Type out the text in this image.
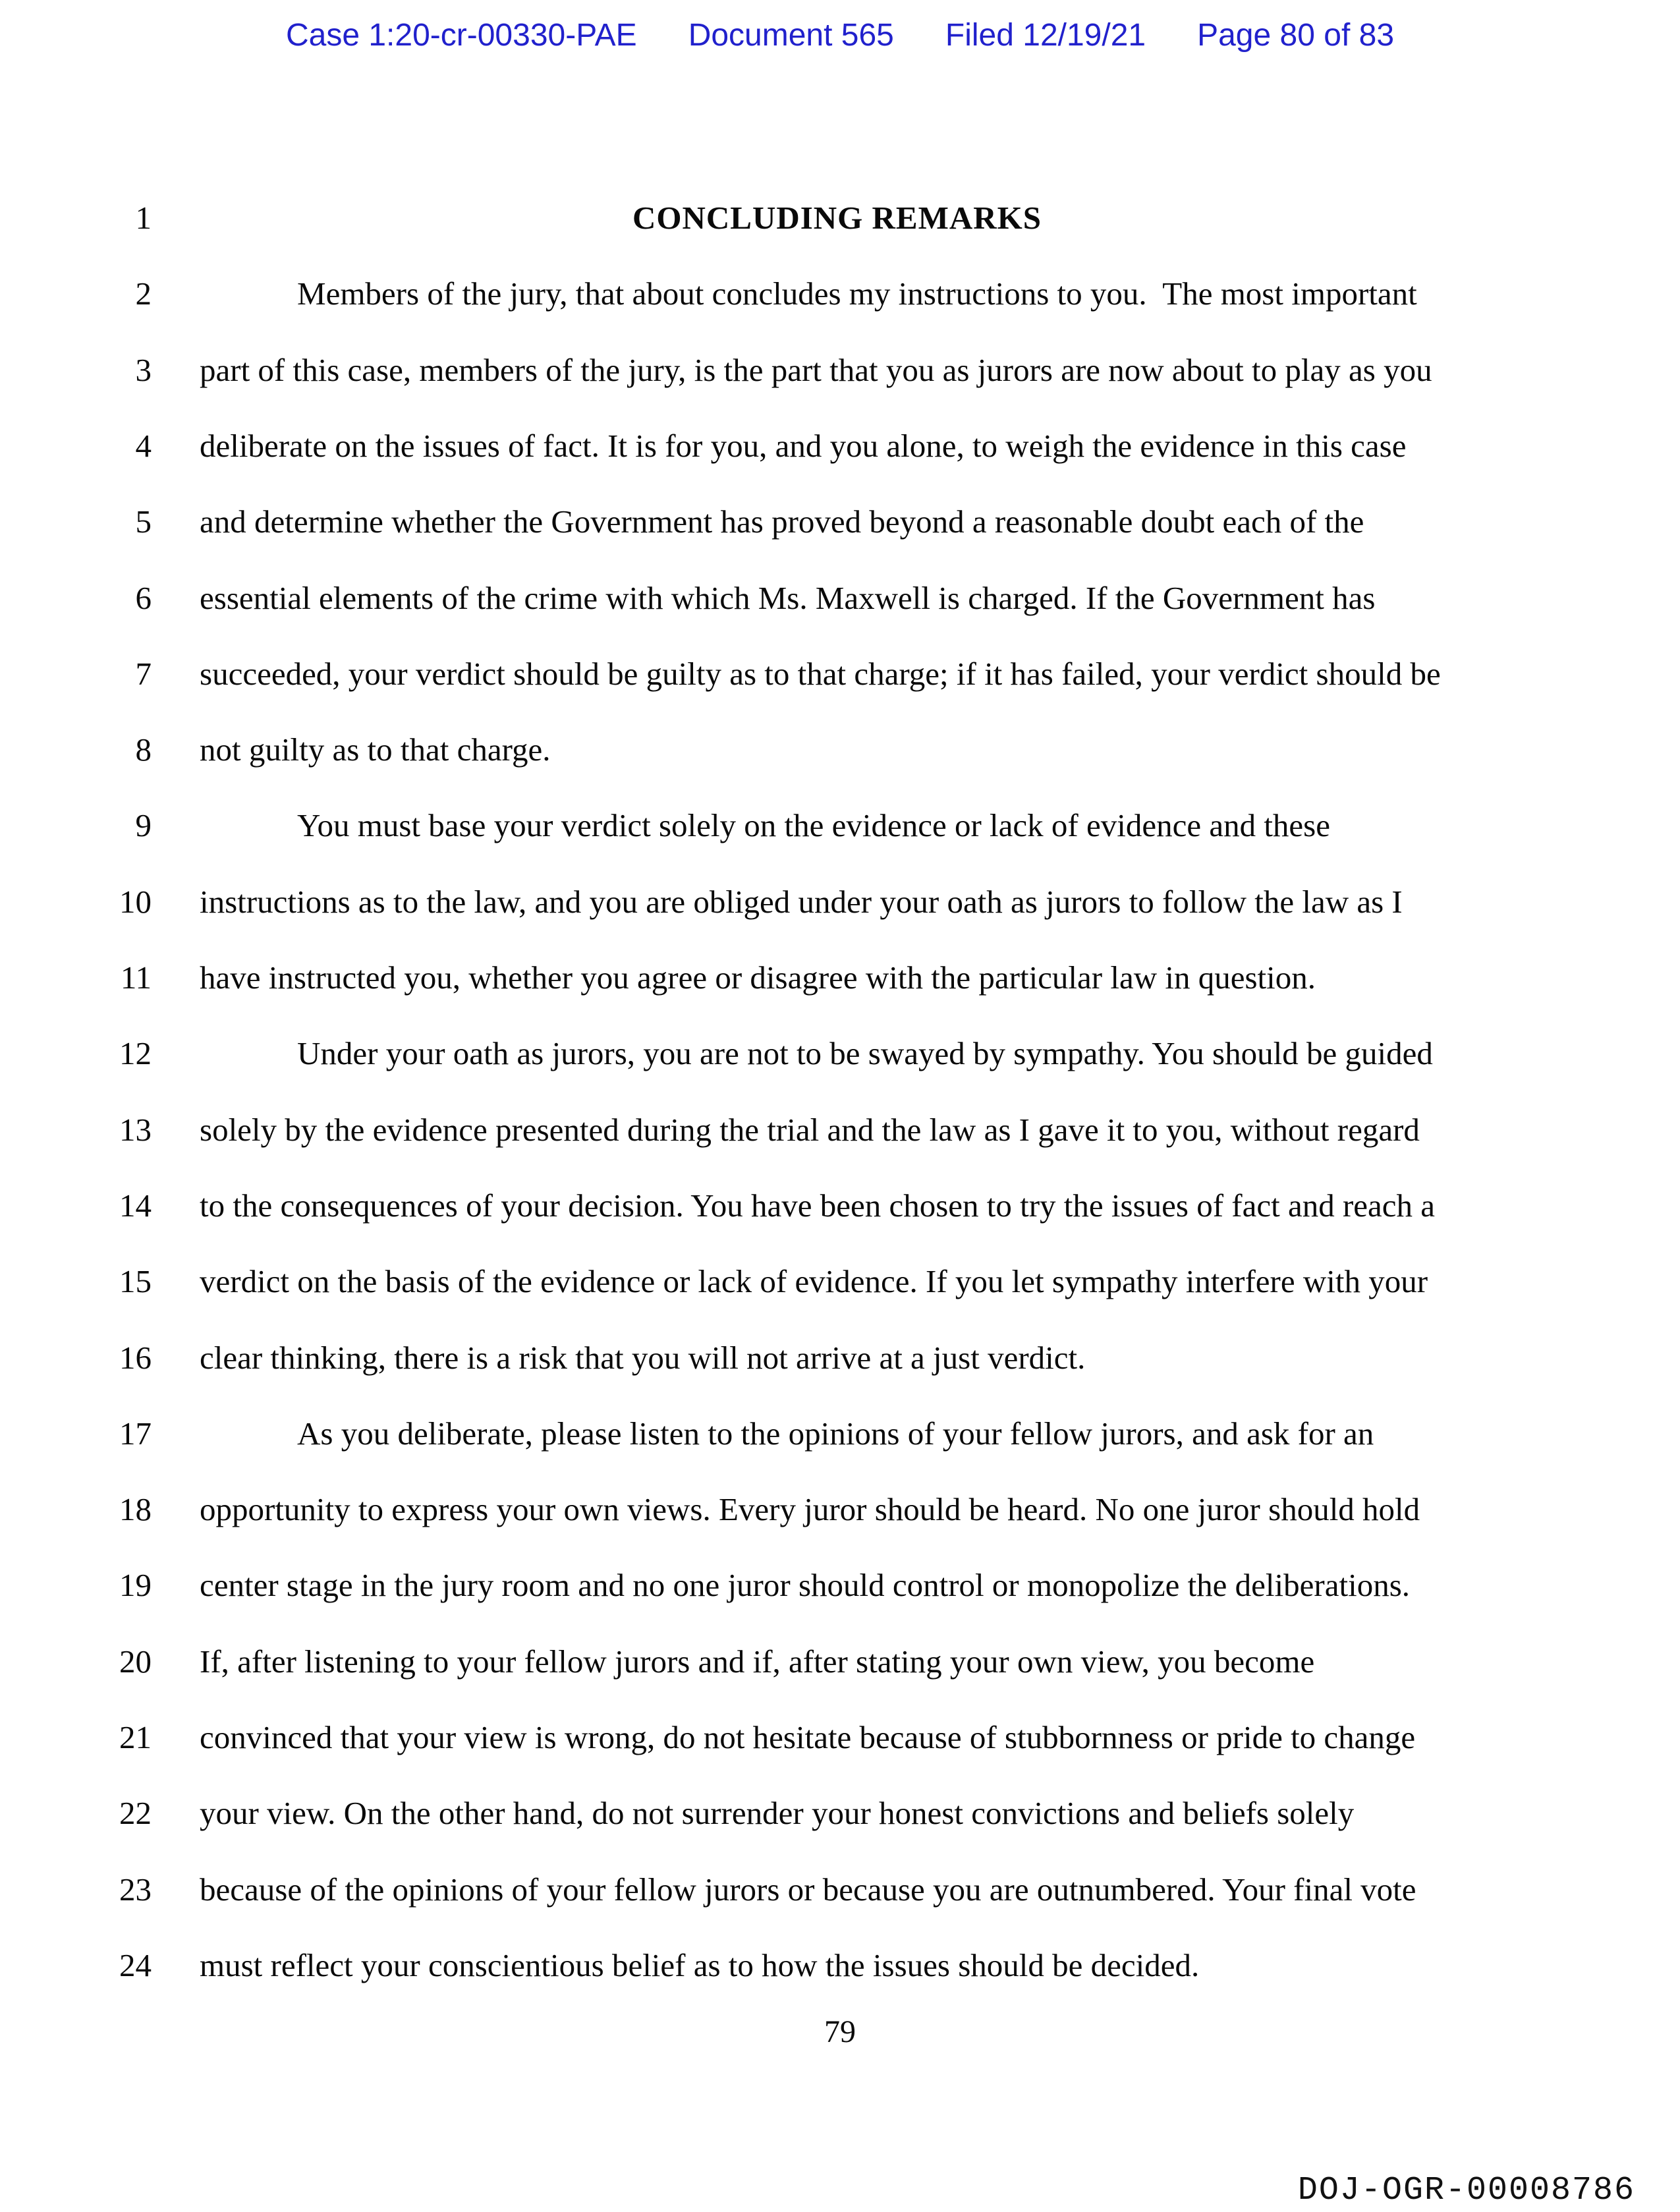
Case 1:20-cr-00330-PAE Document 565 Filed 12/19/21 Page 80 of 83
1	CONCLUDING REMARKS
2	Members of the jury, that about concludes my instructions to you.  The most important
3 part of this case, members of the jury, is the part that you as jurors are now about to play as you
4 deliberate on the issues of fact. It is for you, and you alone, to weigh the evidence in this case
5 and determine whether the Government has proved beyond a reasonable doubt each of the
6 essential elements of the crime with which Ms. Maxwell is charged. If the Government has
7 succeeded, your verdict should be guilty as to that charge; if it has failed, your verdict should be
8 not guilty as to that charge.
9	You must base your verdict solely on the evidence or lack of evidence and these
10 instructions as to the law, and you are obliged under your oath as jurors to follow the law as I
11 have instructed you, whether you agree or disagree with the particular law in question.
12	Under your oath as jurors, you are not to be swayed by sympathy. You should be guided
13 solely by the evidence presented during the trial and the law as I gave it to you, without regard
14 to the consequences of your decision. You have been chosen to try the issues of fact and reach a
15 verdict on the basis of the evidence or lack of evidence. If you let sympathy interfere with your
16 clear thinking, there is a risk that you will not arrive at a just verdict.
17	As you deliberate, please listen to the opinions of your fellow jurors, and ask for an
18 opportunity to express your own views. Every juror should be heard. No one juror should hold
19 center stage in the jury room and no one juror should control or monopolize the deliberations.
20 If, after listening to your fellow jurors and if, after stating your own view, you become
21 convinced that your view is wrong, do not hesitate because of stubbornness or pride to change
22 your view. On the other hand, do not surrender your honest convictions and beliefs solely
23 because of the opinions of your fellow jurors or because you are outnumbered. Your final vote
24 must reflect your conscientious belief as to how the issues should be decided.
79
DOJ-OGR-00008786
